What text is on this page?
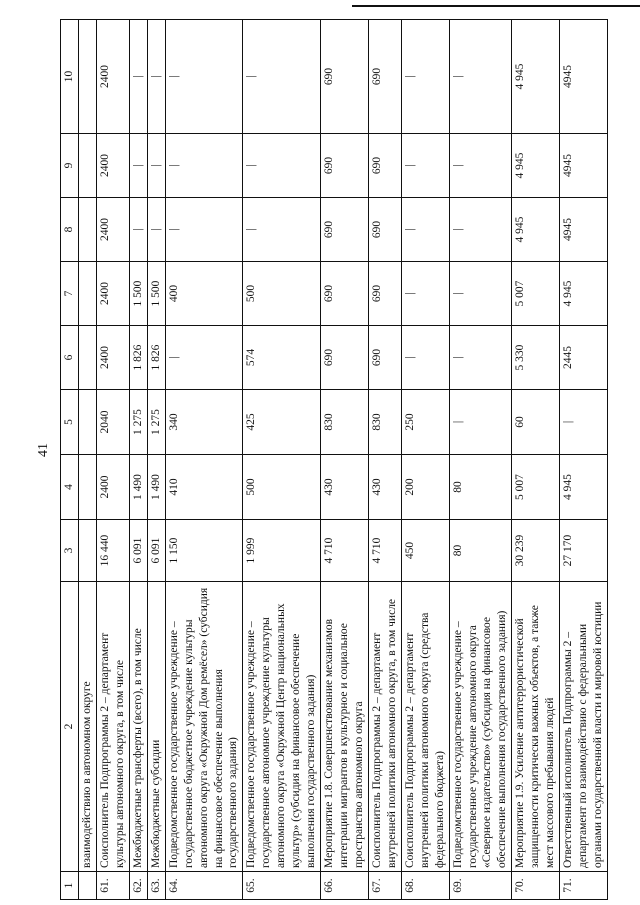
41
1	2	3	4	5	6	7	8	9	10
	взаимодействию в автономном округе								
61.	Соисполнитель Подпрограммы 2 – департамент культуры автономного округа, в том числе	16 440	2400	2040	2400	2400	2400	2400	2400
62.	Межбюджетные трансферты (всего), в том числе	6 091	1 490	1 275	1 826	1 500	|	|	|
63.	Межбюджетные субсидии	6 091	1 490	1 275	1 826	1 500	|	|	|
64.	Подведомственное государственное учреждение – государственное бюджетное учреждение культуры автономного округа «Окружной Дом ремёсел» (субсидия на финансовое обеспечение выполнения государственного задания)	1 150	410	340	|	400	|	|	|
65.	Подведомственное государственное учреждение – государственное автономное учреждение культуры автономного округа «Окружной Центр национальных культур» (субсидия на финансовое обеспечение выполнения государственного задания)	1 999	500	425	574	500	|	|	|
66.	Мероприятие 1.8. Совершенствование механизмов интеграции мигрантов в культурное и социальное пространство автономного округа	4 710	430	830	690	690	690	690	690
67.	Соисполнитель Подпрограммы 2 – департамент внутренней политики автономного округа, в том числе	4 710	430	830	690	690	690	690	690
68.	Соисполнитель Подпрограммы 2 – департамент внутренней политики автономного округа (средства федерального бюджета)	450	200	250	|	|	|	|	|
69.	Подведомственное государственное учреждение – государственное учреждение автономного округа «Северное издательство» (субсидия на финансовое обеспечение выполнения государственного задания)	80	80	|	|	|	|	|	|
70.	Мероприятие 1.9. Усиление антитеррористической защищенности критически важных объектов, а также мест массового пребывания людей	30 239	5 007	60	5 330	5 007	4 945	4 945	4 945
71.	Ответственный исполнитель Подпрограммы 2 – департамент по взаимодействию с федеральными органами государственной власти и мировой юстиции	27 170	4 945	|	2445	4 945	4945	4945	4945
